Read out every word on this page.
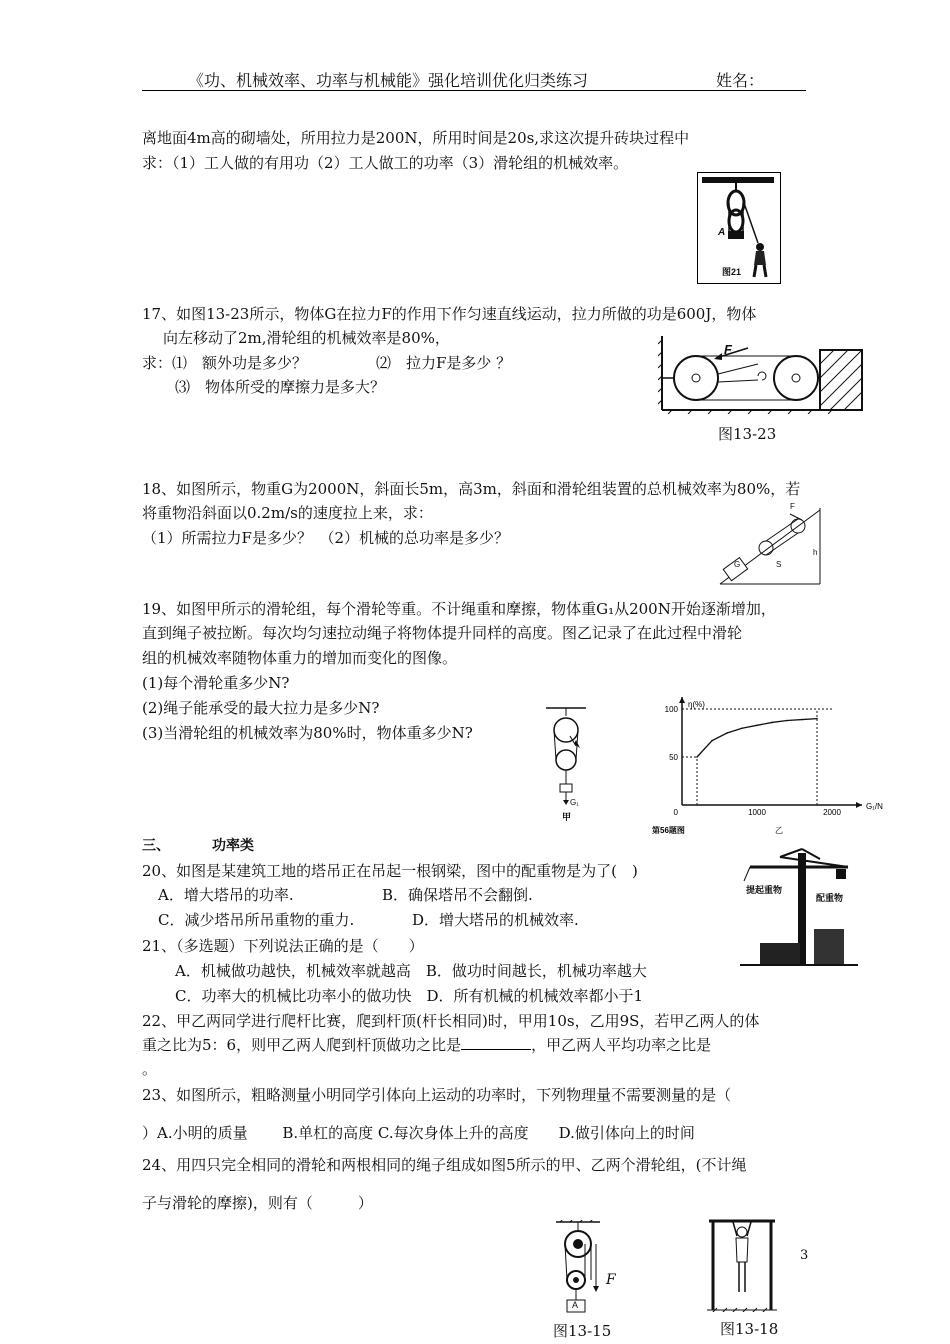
《功、机械效率、功率与机械能》强化培训优化归类练习	姓名：
离地面4m高的砌墙处，所用拉力是200N，所用时间是20s,求这次提升砖块过程中
求：（1）工人做的有用功（2）工人做工的功率（3）滑轮组的机械效率。
A
图21
17、如图13-23所示，物体G在拉力F的作用下作匀速直线运动，拉力所做的功是600J，物体
向左移动了2m,滑轮组的机械效率是80%，
求：⑴　额外功是多少？	⑵　拉力F是多少 ？
⑶　物体所受的摩擦力是多大？
F
图13-23
18、如图所示，物重G为2000N，斜面长5m，高3m，斜面和滑轮组装置的总机械效率为80%，若
将重物沿斜面以0.2m/s的速度拉上来，求：
（1）所需拉力F是多少？　（2）机械的总功率是多少？
G	S
h
F
19、如图甲所示的滑轮组，每个滑轮等重。不计绳重和摩擦，物体重G₁从200N开始逐渐增加，
直到绳子被拉断。每次均匀速拉动绳子将物体提升同样的高度。图乙记录了在此过程中滑轮
组的机械效率随物体重力的增加而变化的图像。
(1)每个滑轮重多少N?
(2)绳子能承受的最大拉力是多少N?
(3)当滑轮组的机械效率为80%时，物体重多少N?
G₁
甲
η(%)
G₁/N
0	1000	2000
50
100
第56题图	乙
三、	功率类
20、如图是某建筑工地的塔吊正在吊起一根钢梁，图中的配重物是为了(　)
A．增大塔吊的功率.	B．确保塔吊不会翻倒.
C．减少塔吊所吊重物的重力.	D．增大塔吊的机械效率.
提起重物
配重物
21、（多选题）下列说法正确的是（　　）
A．机械做功越快，机械效率就越高　B．做功时间越长，机械功率越大
C．功率大的机械比功率小的做功快　D．所有机械的机械效率都小于1
22、甲乙两同学进行爬杆比赛，爬到杆顶(杆长相同)时，甲用10s，乙用9S，若甲乙两人的体
重之比为5：6，则甲乙两人爬到杆顶做功之比是	，甲乙两人平均功率之比是
。
23、如图所示，粗略测量小明同学引体向上运动的功率时，下列物理量不需要测量的是（
）A.小明的质量　　 B.单杠的高度 C.每次身体上升的高度　　D.做引体向上的时间
24、用四只完全相同的滑轮和两根相同的绳子组成如图5所示的甲、乙两个滑轮组，(不计绳
子与滑轮的摩擦)，则有（　　　）
F
A
图13-15	图13-18
3
